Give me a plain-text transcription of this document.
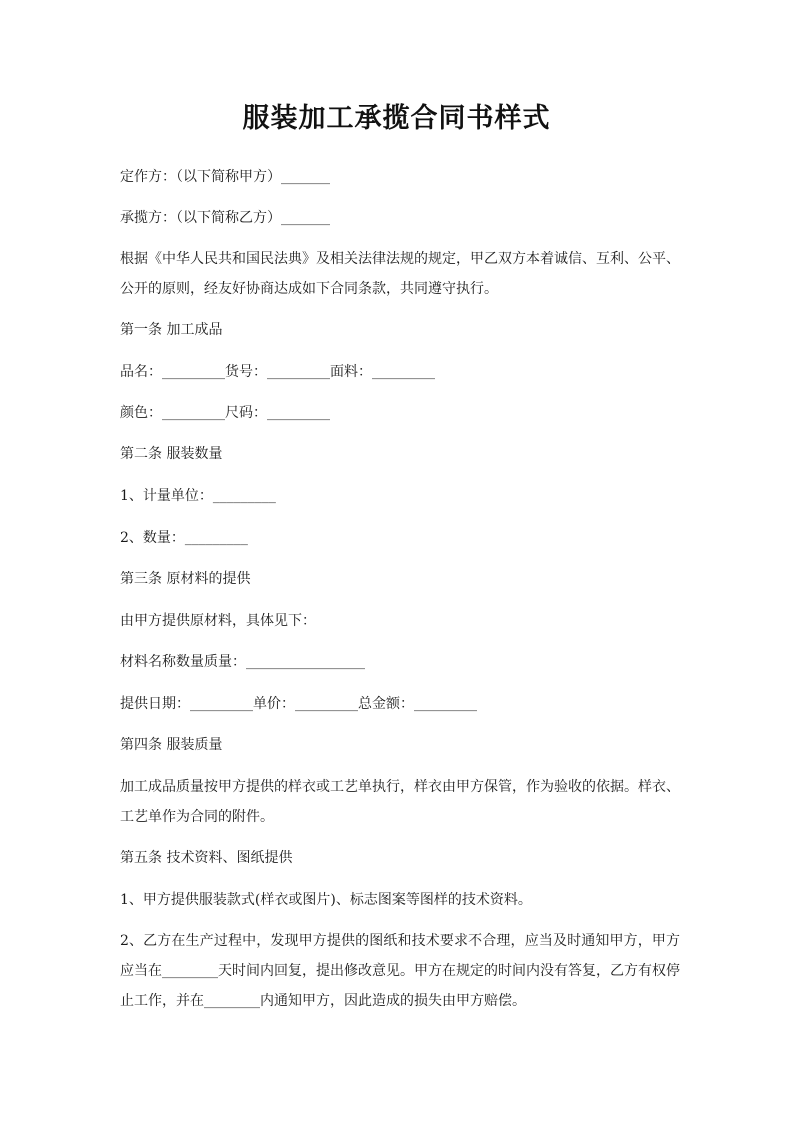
服装加工承揽合同书样式
定作方：（以下简称甲方）_______
承揽方：（以下简称乙方）_______
根据《中华人民共和国民法典》及相关法律法规的规定，甲乙双方本着诚信、互利、公平、公开的原则，经友好协商达成如下合同条款，共同遵守执行。
第一条 加工成品
品名：_________货号：_________面料：_________
颜色：_________尺码：_________
第二条 服装数量
1、计量单位：_________
2、数量：_________
第三条 原材料的提供
由甲方提供原材料，具体见下：
材料名称数量质量：_________________
提供日期：_________单价：_________总金额：_________
第四条 服装质量
加工成品质量按甲方提供的样衣或工艺单执行，样衣由甲方保管，作为验收的依据。样衣、工艺单作为合同的附件。
第五条 技术资料、图纸提供
1、甲方提供服装款式(样衣或图片)、标志图案等图样的技术资料。
2、乙方在生产过程中，发现甲方提供的图纸和技术要求不合理，应当及时通知甲方，甲方应当在________天时间内回复，提出修改意见。甲方在规定的时间内没有答复，乙方有权停止工作，并在________内通知甲方，因此造成的损失由甲方赔偿。
